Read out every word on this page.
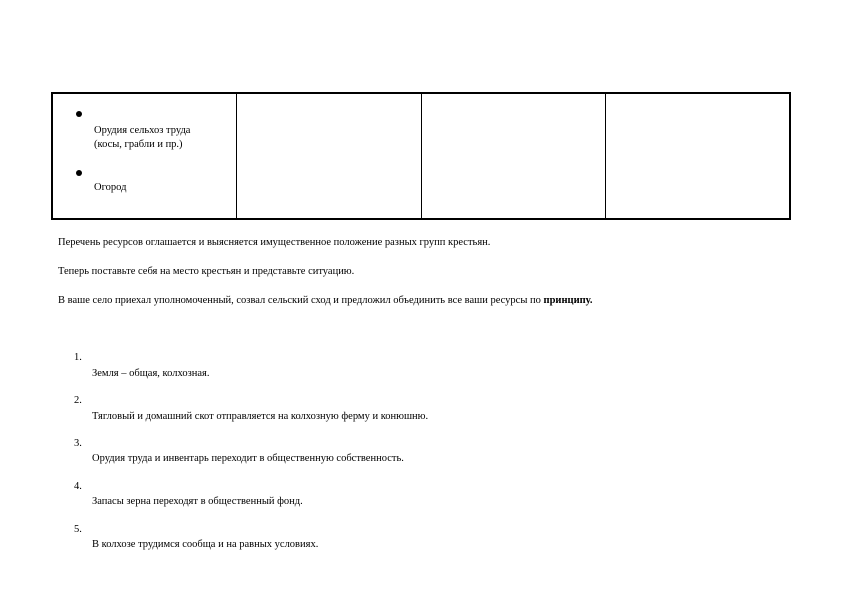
Орудия сельхоз труда
(косы, грабли и пр.)
Огород
Перечень ресурсов оглашается и выясняется имущественное положение разных групп крестьян.
Теперь поставьте себя на место крестьян и представьте ситуацию.
В ваше село приехал уполномоченный, созвал сельский сход и предложил объединить все ваши ресурсы по принципу.
1.
Земля – общая, колхозная.
2.
Тягловый и домашний скот отправляется на колхозную ферму и конюшню.
3.
Орудия труда и инвентарь переходит в общественную собственность.
4.
Запасы зерна переходят в общественный фонд.
5.
В колхозе трудимся сообща и на равных условиях.
